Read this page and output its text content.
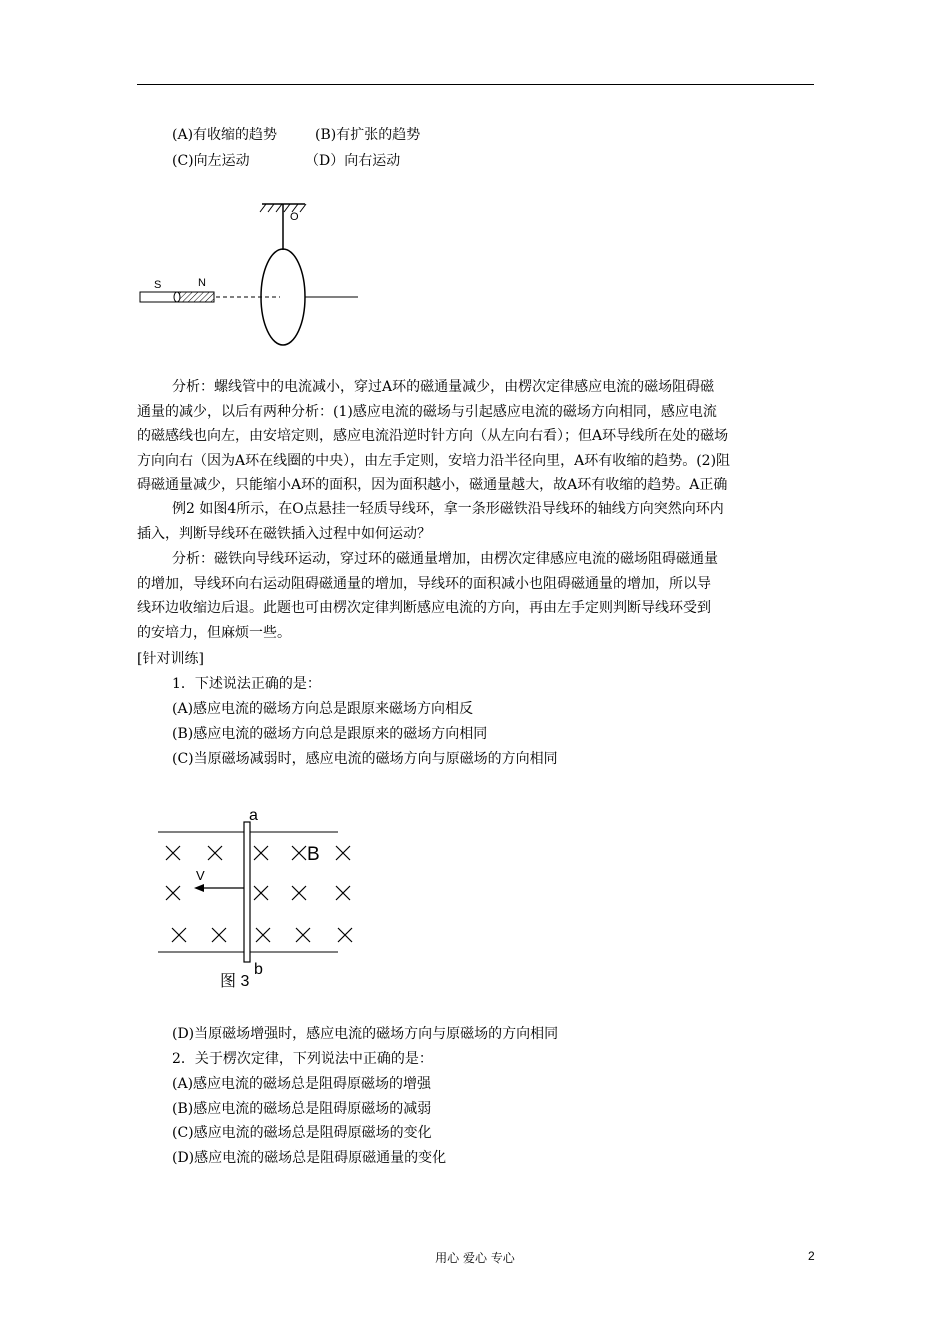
(A)有收缩的趋势	(B)有扩张的趋势
(C)向左运动	（D）向右运动
O
S	N
分析：螺线管中的电流减小，穿过A环的磁通量减少，由楞次定律感应电流的磁场阻碍磁
通量的减少，以后有两种分析：(1)感应电流的磁场与引起感应电流的磁场方向相同，感应电流
的磁感线也向左，由安培定则，感应电流沿逆时针方向（从左向右看）；但A环导线所在处的磁场
方向向右（因为A环在线圈的中央），由左手定则，安培力沿半径向里，A环有收缩的趋势。(2)阻
碍磁通量减少，只能缩小A环的面积，因为面积越小，磁通量越大，故A环有收缩的趋势。A正确
例2 如图4所示，在O点悬挂一轻质导线环，拿一条形磁铁沿导线环的轴线方向突然向环内
插入，判断导线环在磁铁插入过程中如何运动？
分析：磁铁向导线环运动，穿过环的磁通量增加，由楞次定律感应电流的磁场阻碍磁通量
的增加，导线环向右运动阻碍磁通量的增加，导线环的面积减小也阻碍磁通量的增加，所以导
线环边收缩边后退。此题也可由楞次定律判断感应电流的方向，再由左手定则判断导线环受到
的安培力，但麻烦一些。
[针对训练]
1．下述说法正确的是：
(A)感应电流的磁场方向总是跟原来磁场方向相反
(B)感应电流的磁场方向总是跟原来的磁场方向相同
(C)当原磁场减弱时，感应电流的磁场方向与原磁场的方向相同
a
b
B
V
图 3
(D)当原磁场增强时，感应电流的磁场方向与原磁场的方向相同
2．关于楞次定律，下列说法中正确的是：
(A)感应电流的磁场总是阻碍原磁场的增强
(B)感应电流的磁场总是阻碍原磁场的减弱
(C)感应电流的磁场总是阻碍原磁场的变化
(D)感应电流的磁场总是阻碍原磁通量的变化
用心 爱心 专心	2
